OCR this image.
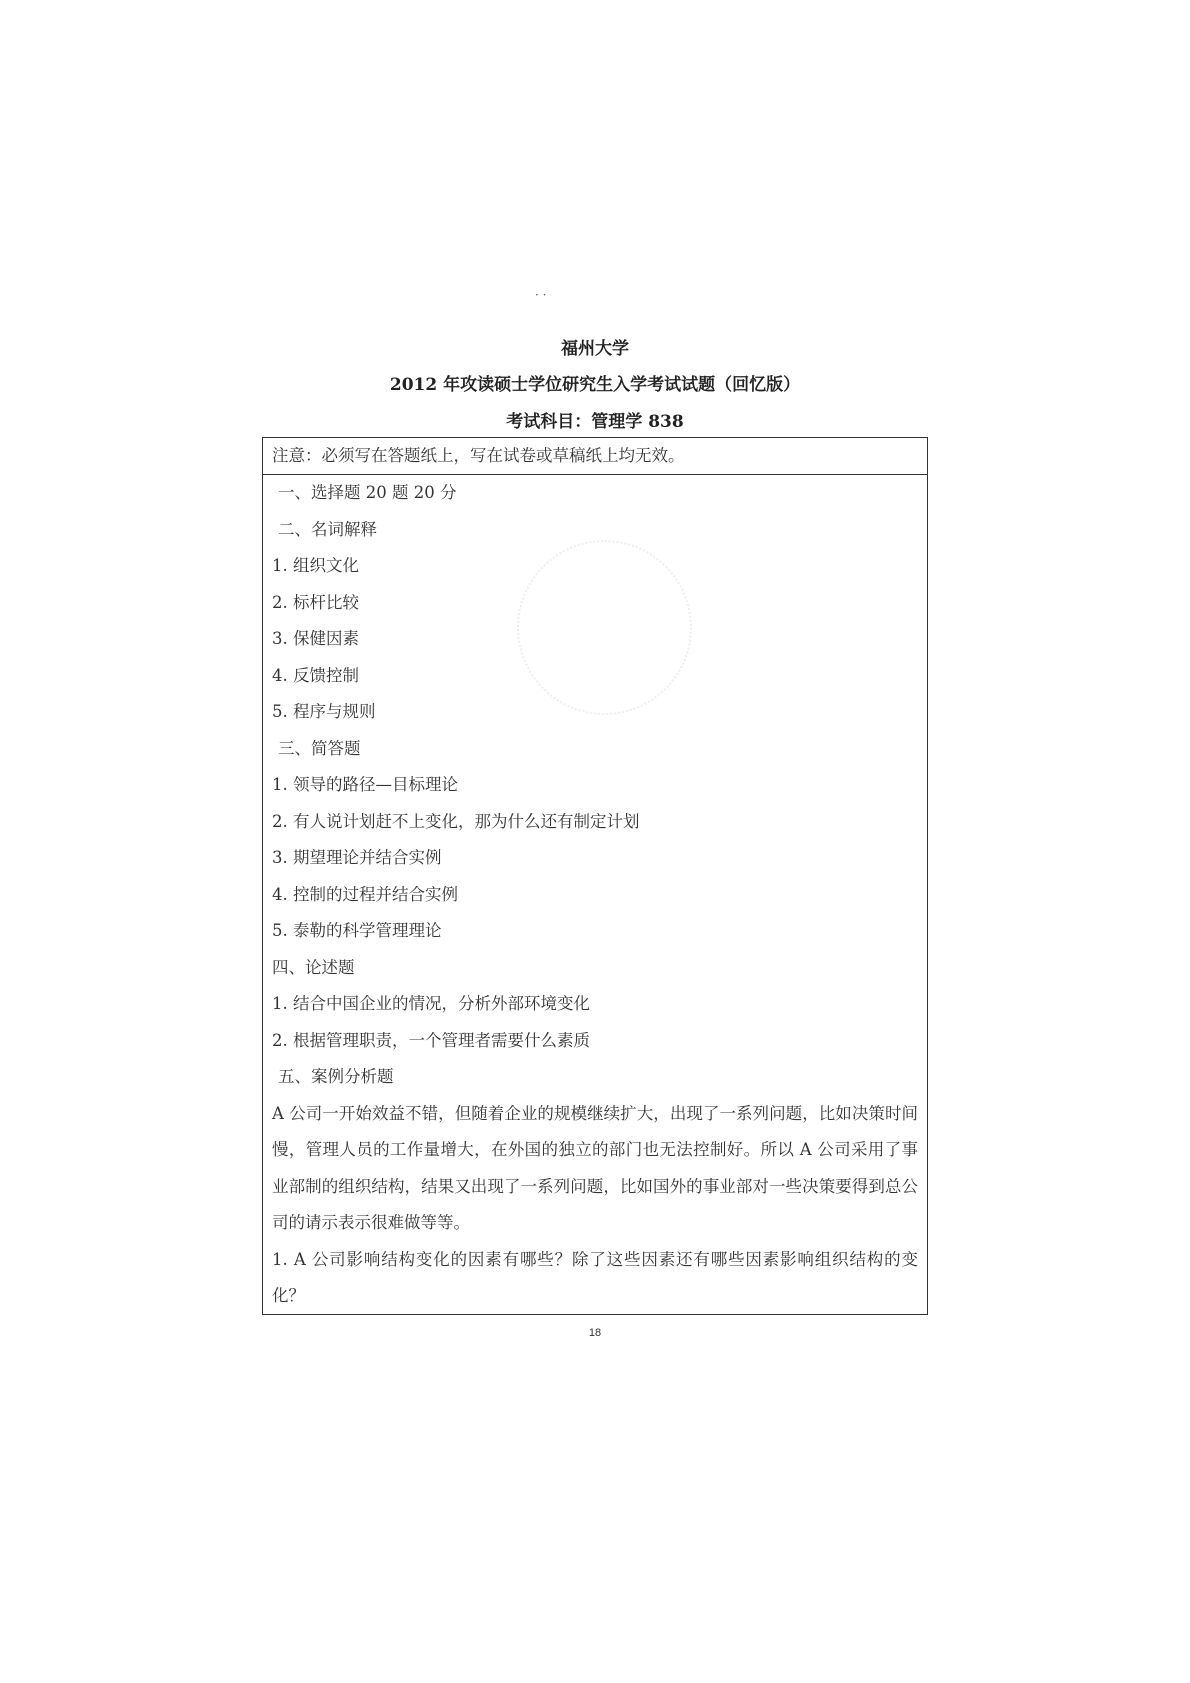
· ·
福州大学
2012 年攻读硕士学位研究生入学考试试题（回忆版）
考试科目：管理学 838
注意：必须写在答题纸上，写在试卷或草稿纸上均无效。
一、选择题 20 题 20 分
二、名词解释
1. 组织文化
2. 标杆比较
3. 保健因素
4. 反馈控制
5. 程序与规则
三、简答题
1. 领导的路径—目标理论
2. 有人说计划赶不上变化，那为什么还有制定计划
3. 期望理论并结合实例
4. 控制的过程并结合实例
5. 泰勒的科学管理理论
四、论述题
1. 结合中国企业的情况，分析外部环境变化
2. 根据管理职责，一个管理者需要什么素质
五、案例分析题
A 公司一开始效益不错，但随着企业的规模继续扩大，出现了一系列问题，比如决策时间慢，管理人员的工作量增大，在外国的独立的部门也无法控制好。所以 A 公司采用了事业部制的组织结构，结果又出现了一系列问题，比如国外的事业部对一些决策要得到总公司的请示表示很难做等等。
1. A 公司影响结构变化的因素有哪些？除了这些因素还有哪些因素影响组织结构的变化？
18
